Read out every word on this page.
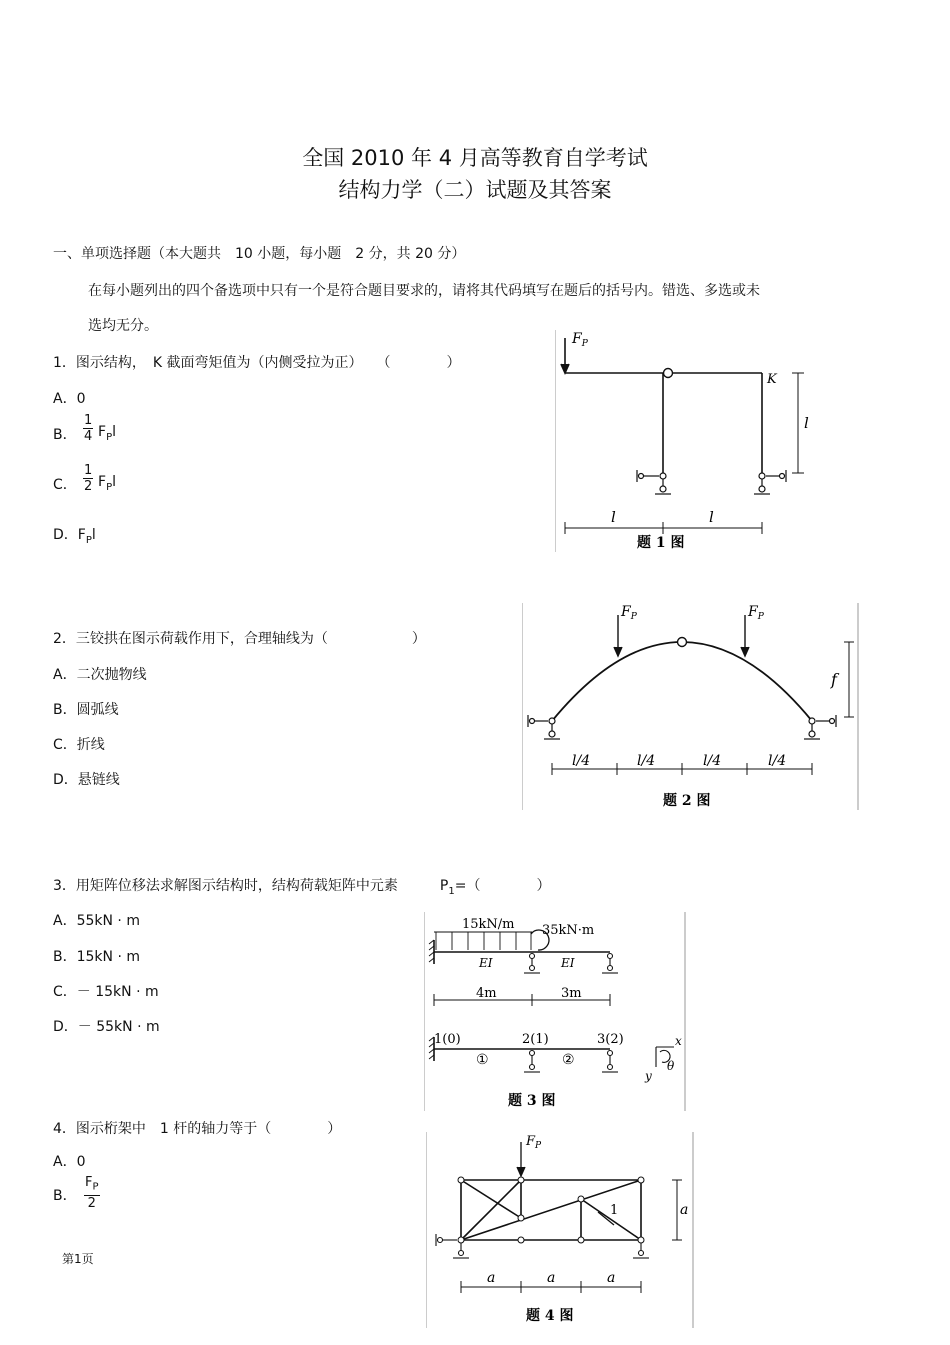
全国 2010 年 4 月高等教育自学考试
结构力学（二）试题及其答案
一、单项选择题（本大题共　10 小题，每小题　2 分，共 20 分）
在每小题列出的四个备选项中只有一个是符合题目要求的，请将其代码填写在题后的括号内。错选、多选或未
选均无分。
1．图示结构，　K 截面弯矩值为（内侧受拉为正）　　（　　　　）
A．0
B． $\frac{1}{4} F_Pl$
C． $\frac{1}{2} F_Pl$
D．$F_Pl$
$F_P$
K
l
l	l
题 1 图
2．三铰拱在图示荷载作用下，合理轴线为（　　　　　　）
A．二次抛物线
B．圆弧线
C．折线
D．悬链线
$F_P$	$F_P$
f
l/4	l/4	l/4	l/4
题 2 图
3．用矩阵位移法求解图示结构时，结构荷载矩阵中元素　　　$P_1=$（　　　　）
A．55kN · m
B．15kN · m
C．－ 15kN · m
D．－ 55kN · m
15kN/m 35kN·m
EI	EI
4m	3m
1(0)	2(1)	3(2)
①	②
x
y
θ
题 3 图
4．图示桁架中　1 杆的轴力等于（　　　　）
A．0
B． $\frac{F_P}{2}$
$F_P$
1	a
a	a	a
题 4 图
第1页
